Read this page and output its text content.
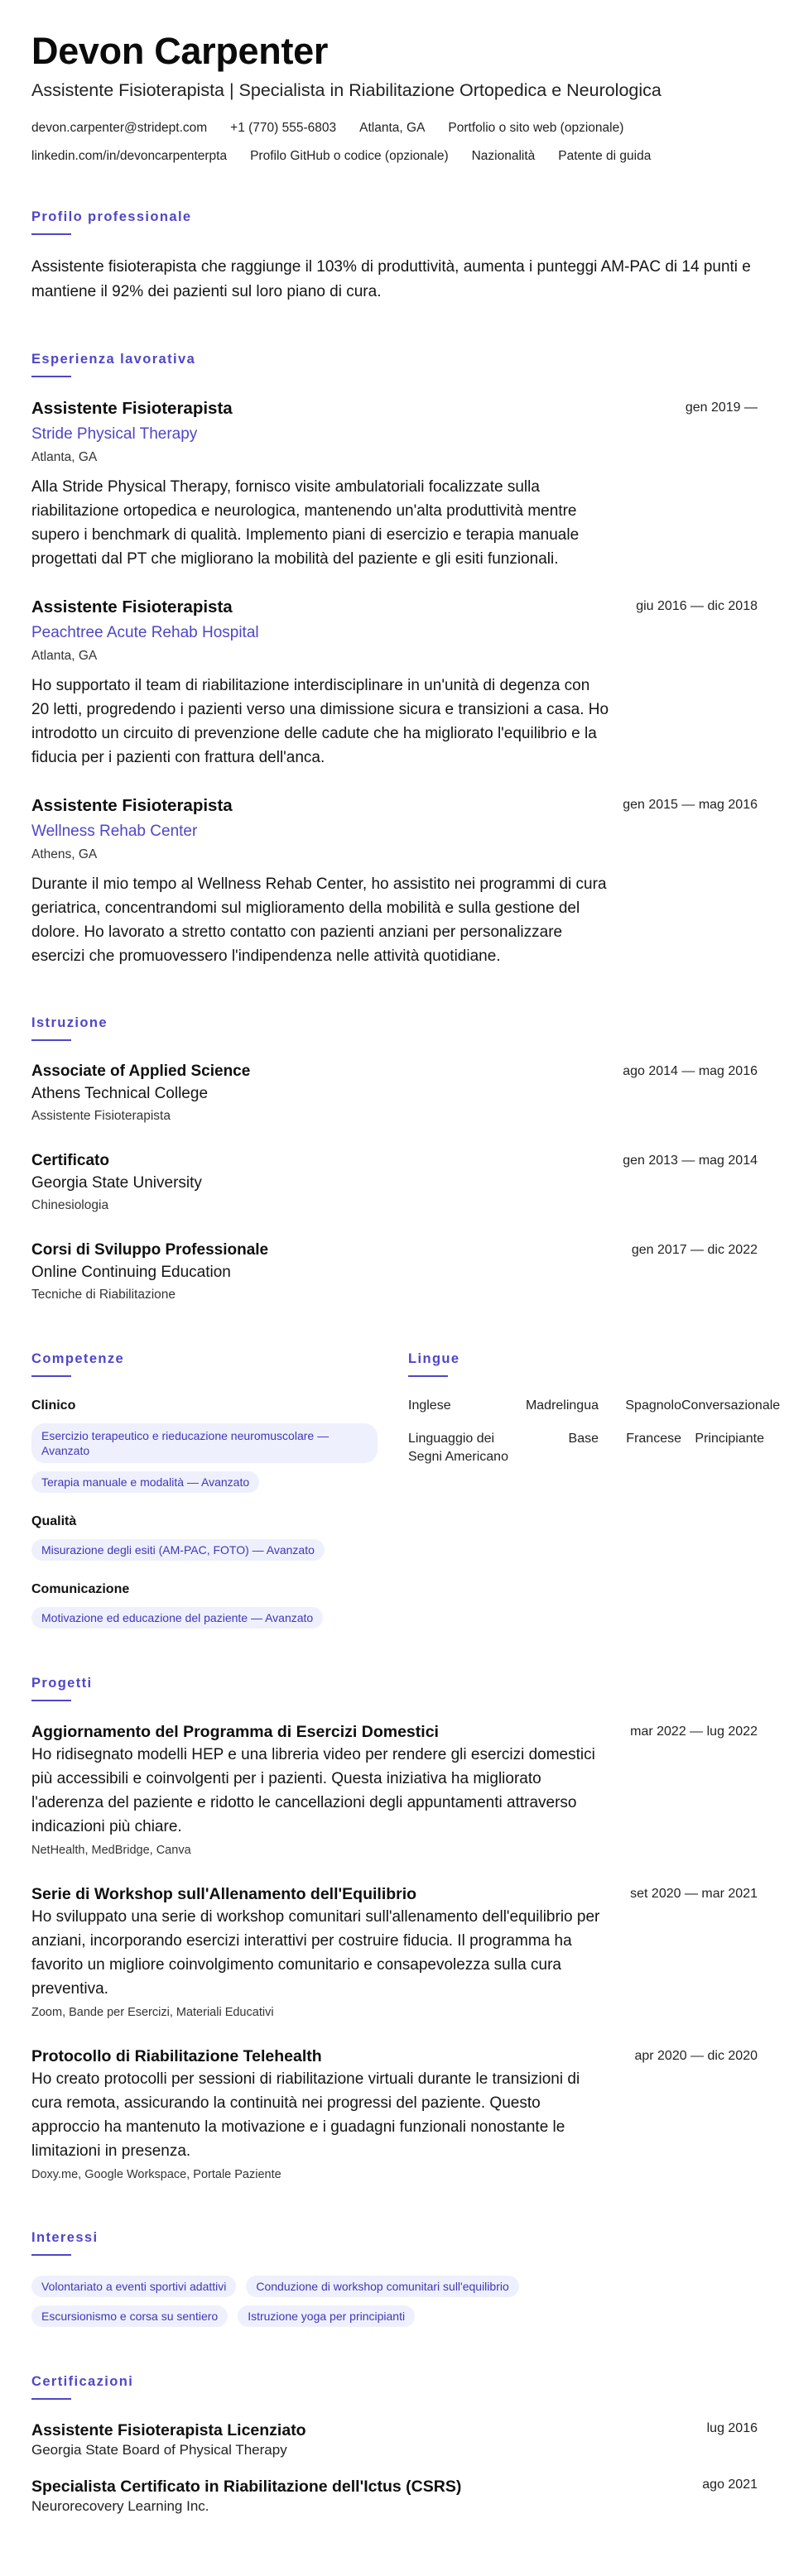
Devon Carpenter
Assistente Fisioterapista | Specialista in Riabilitazione Ortopedica e Neurologica
devon.carpenter@stridept.com +1 (770) 555-6803 Atlanta, GA Portfolio o sito web (opzionale)
linkedin.com/in/devoncarpenterpta Profilo GitHub o codice (opzionale) Nazionalità Patente di guida
Profilo professionale

Assistente fisioterapista che raggiunge il 103% di produttività, aumenta i punteggi AM-PAC di 14 punti e mantiene il 92% dei pazienti sul loro piano di cura.

Esperienza lavorativa
Assistente Fisioterapista
Stride Physical Therapy
Atlanta, GA
gen 2019 —

Alla Stride Physical Therapy, fornisco visite ambulatoriali focalizzate sulla riabilitazione ortopedica e neurologica, mantenendo un'alta produttività mentre supero i benchmark di qualità. Implemento piani di esercizio e terapia manuale progettati dal PT che migliorano la mobilità del paziente e gli esiti funzionali.

Assistente Fisioterapista
Peachtree Acute Rehab Hospital
Atlanta, GA
giu 2016 — dic 2018

Ho supportato il team di riabilitazione interdisciplinare in un'unità di degenza con 20 letti, progredendo i pazienti verso una dimissione sicura e transizioni a casa. Ho introdotto un circuito di prevenzione delle cadute che ha migliorato l'equilibrio e la fiducia per i pazienti con frattura dell'anca.

Assistente Fisioterapista
Wellness Rehab Center
Athens, GA
gen 2015 — mag 2016

Durante il mio tempo al Wellness Rehab Center, ho assistito nei programmi di cura geriatrica, concentrandomi sul miglioramento della mobilità e sulla gestione del dolore. Ho lavorato a stretto contatto con pazienti anziani per personalizzare esercizi che promuovessero l'indipendenza nelle attività quotidiane.

Istruzione
Associate of Applied Science
Athens Technical College
Assistente Fisioterapista
ago 2014 — mag 2016
Certificato
Georgia State University
Chinesiologia
gen 2013 — mag 2014
Corsi di Sviluppo Professionale
Online Continuing Education
Tecniche di Riabilitazione
gen 2017 — dic 2022
Competenze
Clinico
Esercizio terapeutico e rieducazione neuromuscolare — Avanzato
Terapia manuale e modalità — Avanzato
Qualità
Misurazione degli esiti (AM-PAC, FOTO) — Avanzato
Comunicazione
Motivazione ed educazione del paziente — Avanzato
Lingue
Inglese	Madrelingua	Spagnolo Conversazionale
Linguaggio dei Segni Americano
Base	Francese	Principiante
Progetti
Aggiornamento del Programma di Esercizi Domestici	mar 2022 — lug 2022

Ho ridisegnato modelli HEP e una libreria video per rendere gli esercizi domestici più accessibili e coinvolgenti per i pazienti. Questa iniziativa ha migliorato l'aderenza del paziente e ridotto le cancellazioni degli appuntamenti attraverso indicazioni più chiare.

NetHealth, MedBridge, Canva
Serie di Workshop sull'Allenamento dell'Equilibrio	set 2020 — mar 2021

Ho sviluppato una serie di workshop comunitari sull'allenamento dell'equilibrio per anziani, incorporando esercizi interattivi per costruire fiducia. Il programma ha favorito un migliore coinvolgimento comunitario e consapevolezza sulla cura preventiva.

Zoom, Bande per Esercizi, Materiali Educativi
Protocollo di Riabilitazione Telehealth	apr 2020 — dic 2020

Ho creato protocolli per sessioni di riabilitazione virtuali durante le transizioni di cura remota, assicurando la continuità nei progressi del paziente. Questo approccio ha mantenuto la motivazione e i guadagni funzionali nonostante le limitazioni in presenza.

Doxy.me, Google Workspace, Portale Paziente
Interessi
Volontariato a eventi sportivi adattivi	Conduzione di workshop comunitari sull'equilibrio
Escursionismo e corsa su sentiero	Istruzione yoga per principianti
Certificazioni
Assistente Fisioterapista Licenziato
Georgia State Board of Physical Therapy
lug 2016
Specialista Certificato in Riabilitazione dell'Ictus (CSRS)
Neurorecovery Learning Inc.
ago 2021
